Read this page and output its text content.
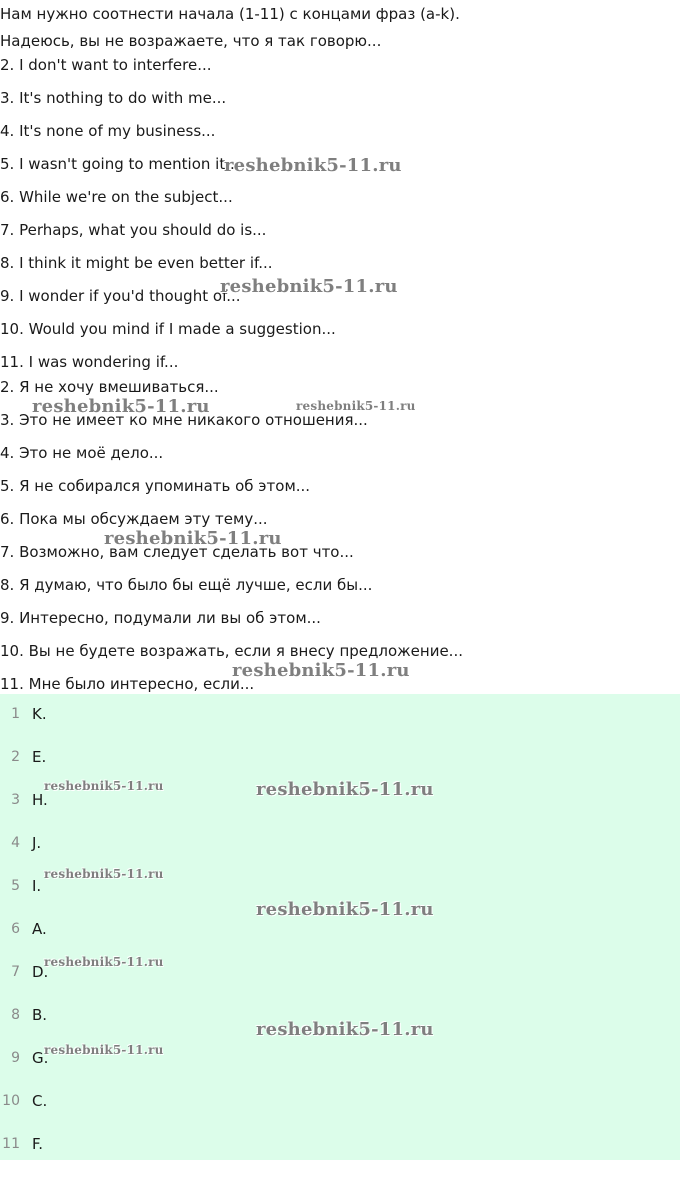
Нам нужно соотнести начала (1-11) с концами фраз (a-k).
Надеюсь, вы не возражаете, что я так говорю...
2. I don't want to interfere...
3. It's nothing to do with me...
4. It's none of my business...
5. I wasn't going to mention it...
6. While we're on the subject...
7. Perhaps, what you should do is...
8. I think it might be even better if...
9. I wonder if you'd thought of...
10. Would you mind if I made a suggestion...
11. I was wondering if...
2. Я не хочу вмешиваться...
3. Это не имеет ко мне никакого отношения...
4. Это не моё дело...
5. Я не собирался упоминать об этом...
6. Пока мы обсуждаем эту тему...
7. Возможно, вам следует сделать вот что...
8. Я думаю, что было бы ещё лучше, если бы...
9. Интересно, подумали ли вы об этом...
10. Вы не будете возражать, если я внесу предложение...
11. Мне было интересно, если...
1 K.
2 E.
3 H.
4 J.
5 I.
6 A.
7 D.
8 B.
9 G.
10 C.
11 F.
reshebnik5-11.ru
reshebnik5-11.ru
reshebnik5-11.ru	reshebnik5-11.ru
reshebnik5-11.ru
reshebnik5-11.ru
reshebnik5-11.ru	reshebnik5-11.ru
reshebnik5-11.ru
reshebnik5-11.ru
reshebnik5-11.ru
reshebnik5-11.ru
reshebnik5-11.ru
